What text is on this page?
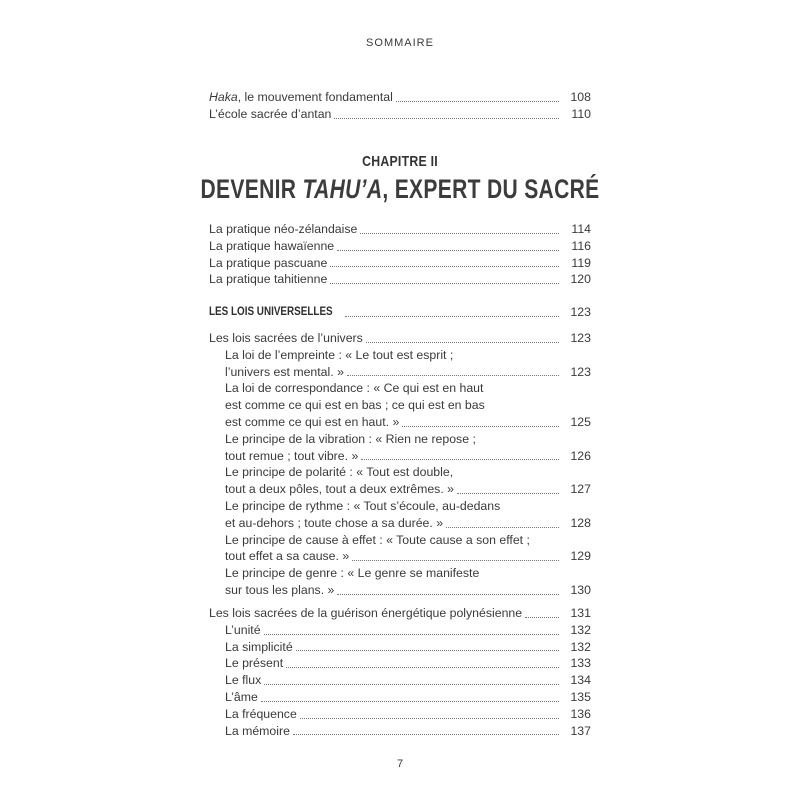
SOMMAIRE
Haka, le mouvement fondamental	108
L’école sacrée d’antan	110
CHAPITRE II
DEVENIR TAHU’A, EXPERT DU SACRÉ
La pratique néo-zélandaise	114
La pratique hawaïenne	116
La pratique pascuane	119
La pratique tahitienne	120
LES LOIS UNIVERSELLES	123
Les lois sacrées de l’univers	123
La loi de l’empreinte : « Le tout est esprit ;
l’univers est mental. »	123
La loi de correspondance : « Ce qui est en haut
est comme ce qui est en bas ; ce qui est en bas
est comme ce qui est en haut. »	125
Le principe de la vibration : « Rien ne repose ;
tout remue ; tout vibre. »	126
Le principe de polarité : « Tout est double,
tout a deux pôles, tout a deux extrêmes. »	127
Le principe de rythme : « Tout s’écoule, au-dedans
et au-dehors ; toute chose a sa durée. »	128
Le principe de cause à effet : « Toute cause a son effet ;
tout effet a sa cause. »	129
Le principe de genre : « Le genre se manifeste
sur tous les plans. »	130
Les lois sacrées de la guérison énergétique polynésienne	131
L’unité	132
La simplicité	132
Le présent	133
Le flux	134
L’âme	135
La fréquence	136
La mémoire	137
7
